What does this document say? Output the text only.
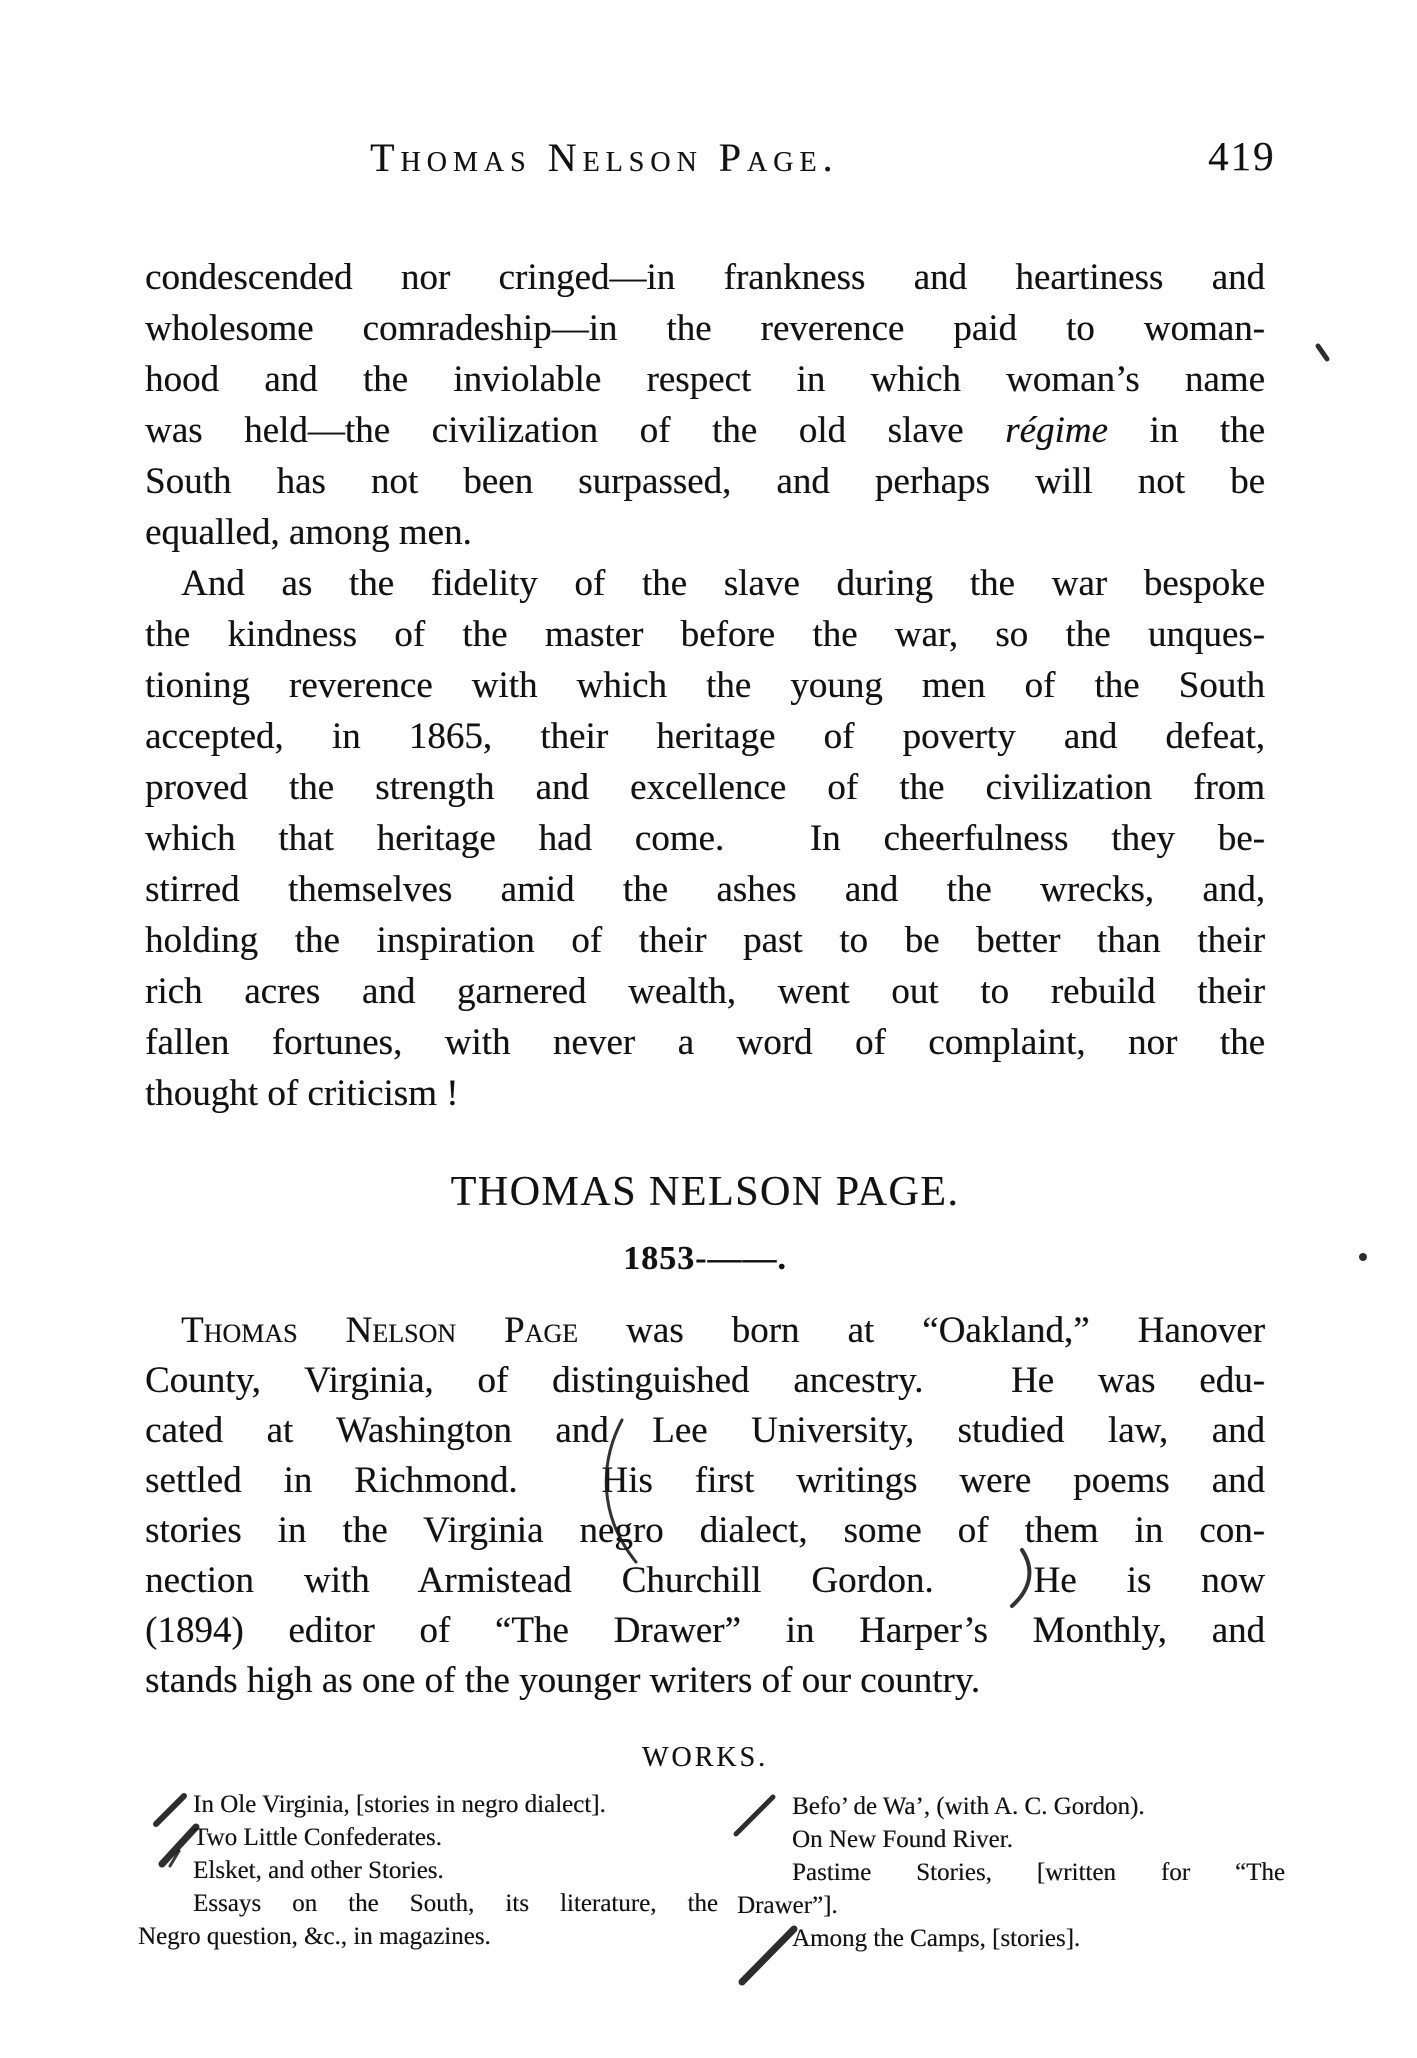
Thomas Nelson Page.	419
condescended nor cringed—in frankness and heartiness and
wholesome comradeship—in the reverence paid to woman-
hood and the inviolable respect in which woman’s name
was held—the civilization of the old slave régime in the
South has not been surpassed, and perhaps will not be
equalled, among men.
And as the fidelity of the slave during the war bespoke
the kindness of the master before the war, so the unques-
tioning reverence with which the young men of the South
accepted, in 1865, their heritage of poverty and defeat,
proved the strength and excellence of the civilization from
which that heritage had come.  In cheerfulness they be-
stirred themselves amid the ashes and the wrecks, and,
holding the inspiration of their past to be better than their
rich acres and garnered wealth, went out to rebuild their
fallen fortunes, with never a word of complaint, nor the
thought of criticism !
THOMAS NELSON PAGE.
1853-——.
Thomas Nelson Page was born at “Oakland,” Hanover
County, Virginia, of distinguished ancestry.  He was edu-
cated at Washington and Lee University, studied law, and
settled in Richmond.  His first writings were poems and
stories in the Virginia negro dialect, some of them in con-
nection with Armistead Churchill Gordon.  He is now
(1894) editor of “The Drawer” in Harper’s Monthly, and
stands high as one of the younger writers of our country.
WORKS.
In Ole Virginia, [stories in negro dialect].
Two Little Confederates.
Elsket, and other Stories.
Essays on the South, its literature, the
Negro question, &c., in magazines.
Befo’ de Wa’, (with A. C. Gordon).
On New Found River.
Pastime Stories, [written for “The
Drawer”].
Among the Camps, [stories].
